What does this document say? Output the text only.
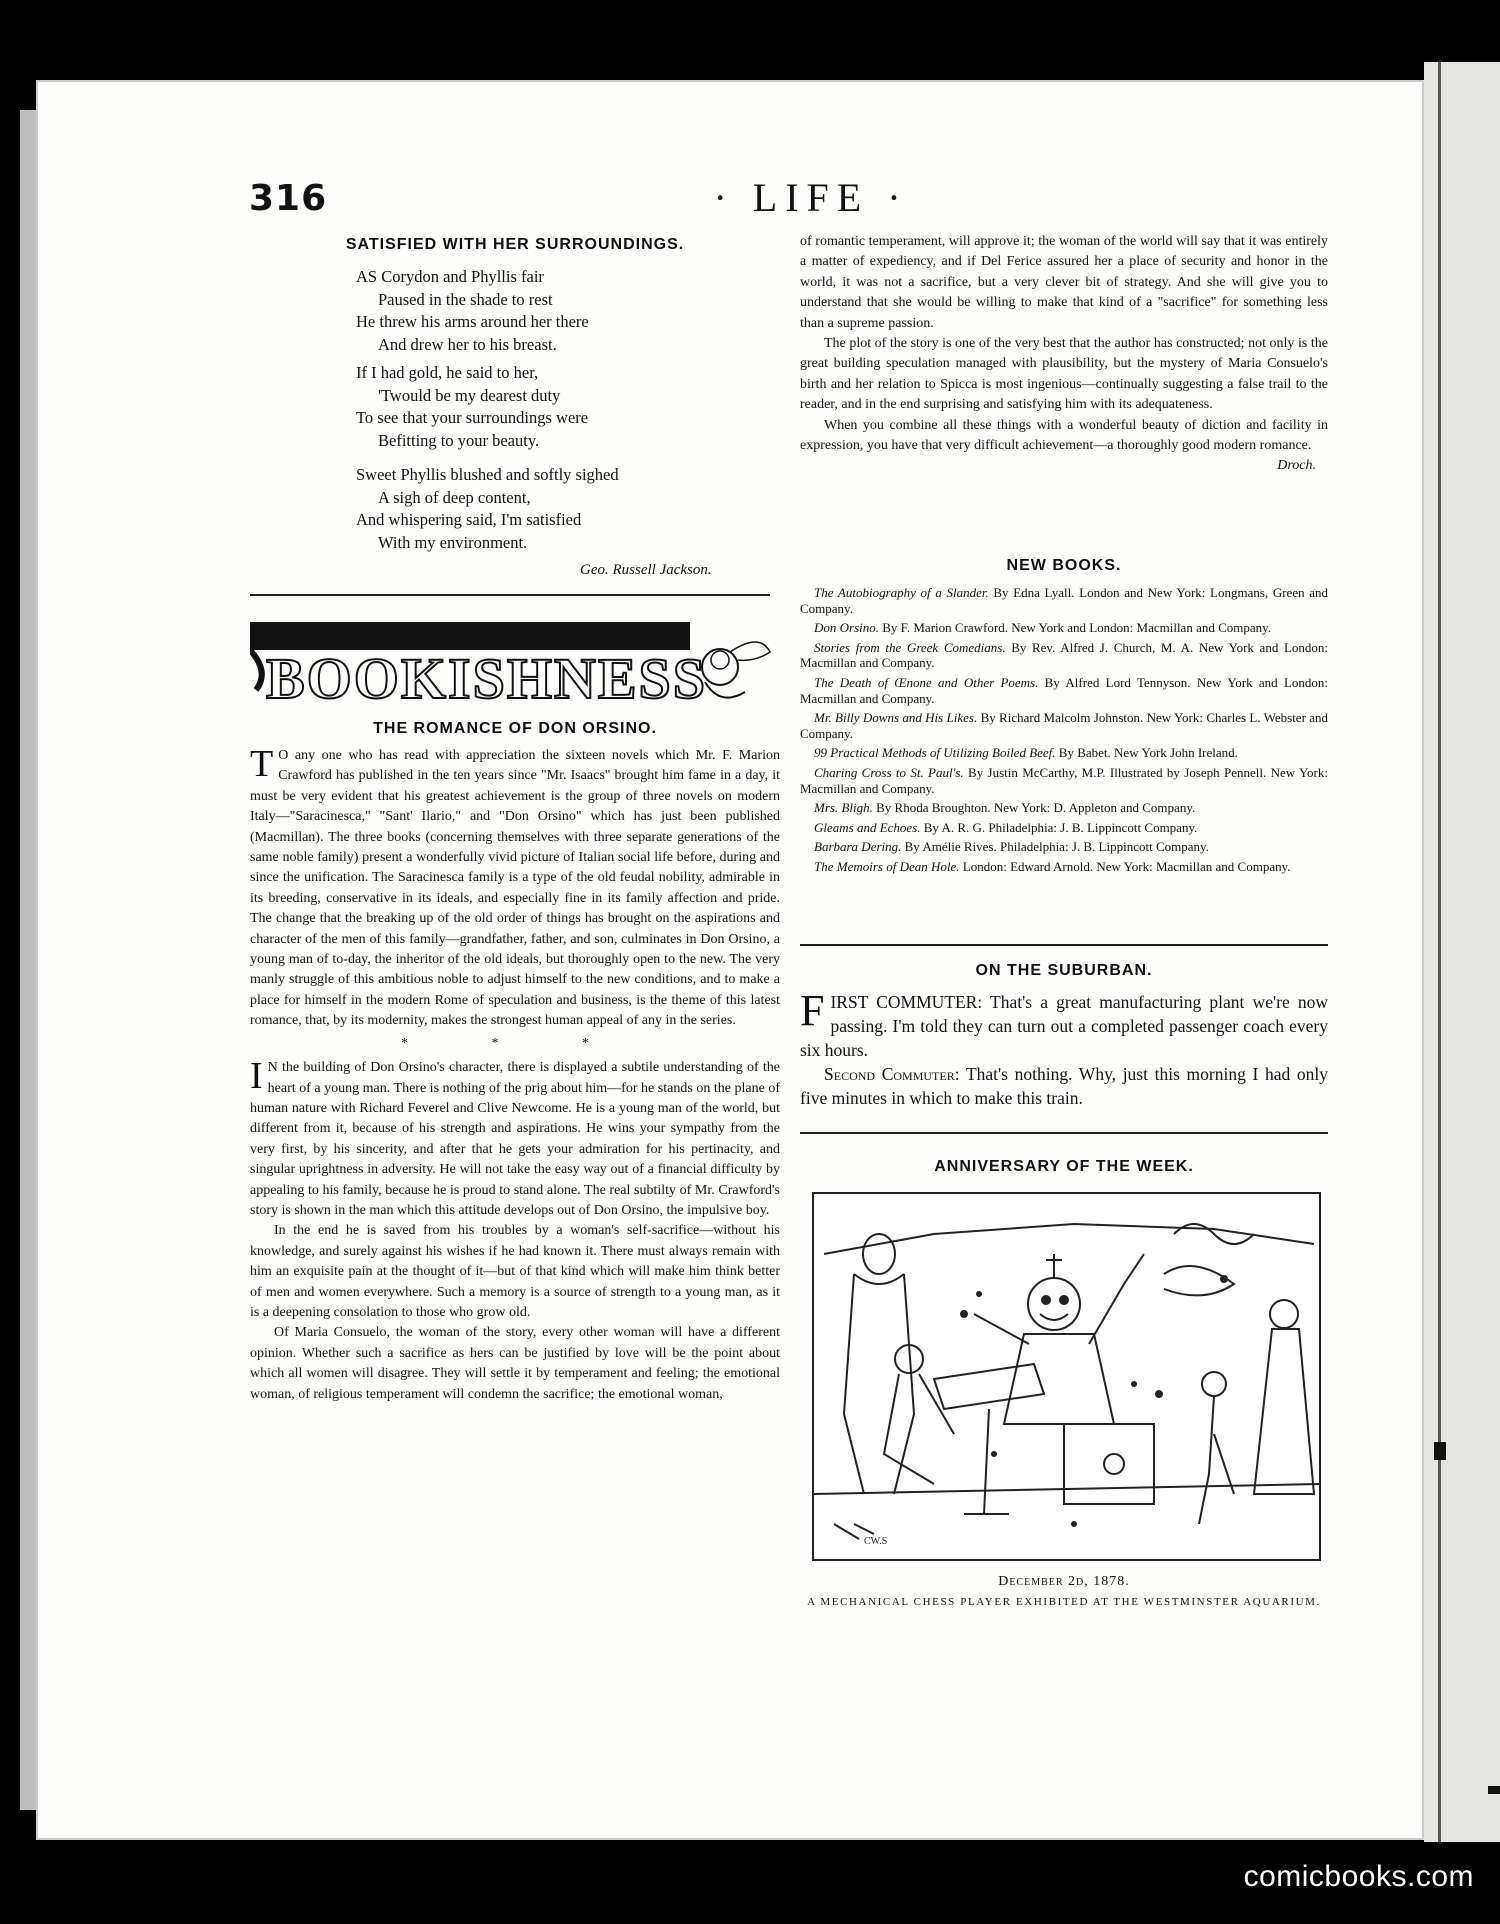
316	· LIFE ·
SATISFIED WITH HER SURROUNDINGS.
AS Corydon and Phyllis fair
Paused in the shade to rest
He threw his arms around her there
And drew her to his breast.
If I had gold, he said to her,
'Twould be my dearest duty
To see that your surroundings were
Befitting to your beauty.
Sweet Phyllis blushed and softly sighed
A sigh of deep content,
And whispering said, I'm satisfied
With my environment.
Geo. Russell Jackson.
BOOKISHNESS
THE ROMANCE OF DON ORSINO.

T O any one who has read with appreciation the sixteen novels which Mr. F. Marion Crawford has published in the ten years since "Mr. Isaacs" brought him fame in a day, it must be very evident that his greatest achievement is the group of three novels on modern Italy—"Saracinesca," "Sant' Ilario," and "Don Orsino" which has just been published (Macmillan). The three books (concerning themselves with three separate generations of the same noble family) present a wonderfully vivid picture of Italian social life before, during and since the unification. The Saracinesca family is a type of the old feudal nobility, admirable in its breeding, conservative in its ideals, and especially fine in its family affection and pride. The change that the breaking up of the old order of things has brought on the aspirations and character of the men of this family—grandfather, father, and son, culminates in Don Orsino, a young man of to-day, the inheritor of the old ideals, but thoroughly open to the new. The very manly struggle of this ambitious noble to adjust himself to the new conditions, and to make a place for himself in the modern Rome of speculation and business, is the theme of this latest romance, that, by its modernity, makes the strongest human appeal of any in the series.

* * *

I N the building of Don Orsino's character, there is displayed a subtile understanding of the heart of a young man. There is nothing of the prig about him—for he stands on the plane of human nature with Richard Feverel and Clive Newcome. He is a young man of the world, but different from it, because of his strength and aspirations. He wins your sympathy from the very first, by his sincerity, and after that he gets your admiration for his pertinacity, and singular uprightness in adversity. He will not take the easy way out of a financial difficulty by appealing to his family, because he is proud to stand alone. The real subtilty of Mr. Crawford's story is shown in the man which this attitude develops out of Don Orsino, the impulsive boy.

In the end he is saved from his troubles by a woman's self-sacrifice—without his knowledge, and surely against his wishes if he had known it. There must always remain with him an exquisite pain at the thought of it—but of that kind which will make him think better of men and women everywhere. Such a memory is a source of strength to a young man, as it is a deepening consolation to those who grow old.

Of Maria Consuelo, the woman of the story, every other woman will have a different opinion. Whether such a sacrifice as hers can be justified by love will be the point about which all women will disagree. They will settle it by temperament and feeling; the emotional woman, of religious temperament will condemn the sacrifice; the emotional woman,

of romantic temperament, will approve it; the woman of the world will say that it was entirely a matter of expediency, and if Del Ferice assured her a place of security and honor in the world, it was not a sacrifice, but a very clever bit of strategy. And she will give you to understand that she would be willing to make that kind of a "sacrifice" for something less than a supreme passion.

The plot of the story is one of the very best that the author has constructed; not only is the great building speculation managed with plausibility, but the mystery of Maria Consuelo's birth and her relation to Spicca is most ingenious—continually suggesting a false trail to the reader, and in the end surprising and satisfying him with its adequateness.

When you combine all these things with a wonderful beauty of diction and facility in expression, you have that very difficult achievement—a thoroughly good modern romance.
Droch.

NEW BOOKS.

The Autobiography of a Slander. By Edna Lyall. London and New York: Longmans, Green and Company.

Don Orsino. By F. Marion Crawford. New York and London: Macmillan and Company.

Stories from the Greek Comedians. By Rev. Alfred J. Church, M. A. New York and London: Macmillan and Company.

The Death of Œnone and Other Poems. By Alfred Lord Tennyson. New York and London: Macmillan and Company.

Mr. Billy Downs and His Likes. By Richard Malcolm Johnston. New York: Charles L. Webster and Company.

99 Practical Methods of Utilizing Boiled Beef. By Babet. New York John Ireland.

Charing Cross to St. Paul's. By Justin McCarthy, M.P. Illustrated by Joseph Pennell. New York: Macmillan and Company.

Mrs. Bligh. By Rhoda Broughton. New York: D. Appleton and Company.

Gleams and Echoes. By A. R. G. Philadelphia: J. B. Lippincott Company.

Barbara Dering. By Amélie Rives. Philadelphia: J. B. Lippincott Company.

The Memoirs of Dean Hole. London: Edward Arnold. New York: Macmillan and Company.

ON THE SUBURBAN.
FIRST COMMUTER: That's a great manufacturing plant we're now passing. I'm told they can turn out a completed passenger coach every six hours.
Second Commuter: That's nothing. Why, just this morning I had only five minutes in which to make this train.
ANNIVERSARY OF THE WEEK.
CW.S
December 2d, 1878.
A MECHANICAL CHESS PLAYER EXHIBITED AT THE WESTMINSTER AQUARIUM.
comicbooks.com
